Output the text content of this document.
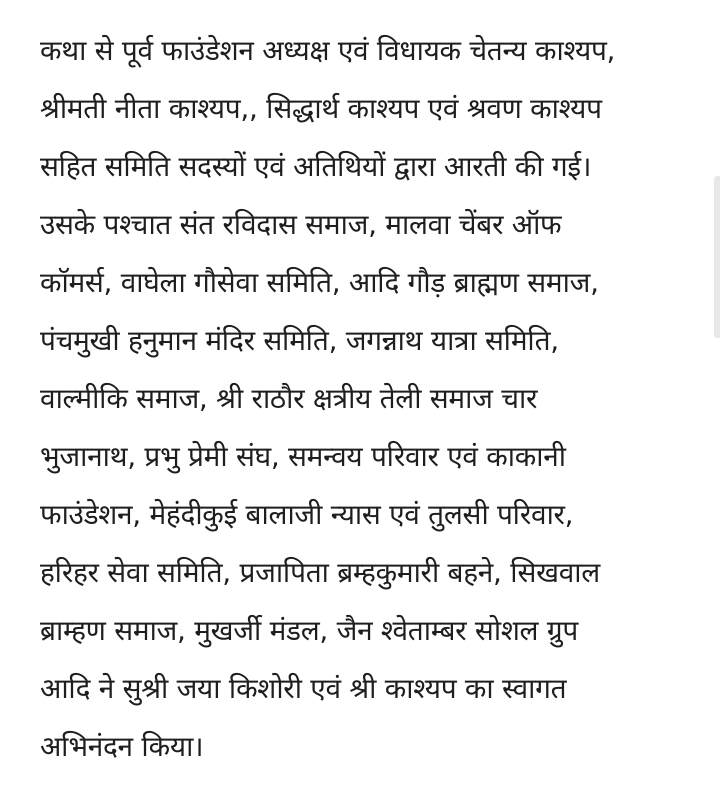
कथा से पूर्व फाउंडेशन अध्यक्ष एवं विधायक चेतन्य काश्यप,
श्रीमती नीता काश्यप,, सिद्धार्थ काश्यप एवं श्रवण काश्यप
सहित समिति सदस्यों एवं अतिथियों द्वारा आरती की गई।
उसके पश्चात संत रविदास समाज, मालवा चेंबर ऑफ
कॉमर्स, वाघेला गौसेवा समिति, आदि गौड़ ब्राह्मण समाज,
पंचमुखी हनुमान मंदिर समिति, जगन्नाथ यात्रा समिति,
वाल्मीकि समाज, श्री राठौर क्षत्रीय तेली समाज चार
भुजानाथ, प्रभु प्रेमी संघ, समन्वय परिवार एवं काकानी
फाउंडेशन, मेहंदीकुई बालाजी न्यास एवं तुलसी परिवार,
हरिहर सेवा समिति, प्रजापिता ब्रम्हकुमारी बहने, सिखवाल
ब्राम्हण समाज, मुखर्जी मंडल, जैन श्वेताम्बर सोशल ग्रुप
आदि ने सुश्री जया किशोरी एवं श्री काश्यप का स्वागत
अभिनंदन किया।
